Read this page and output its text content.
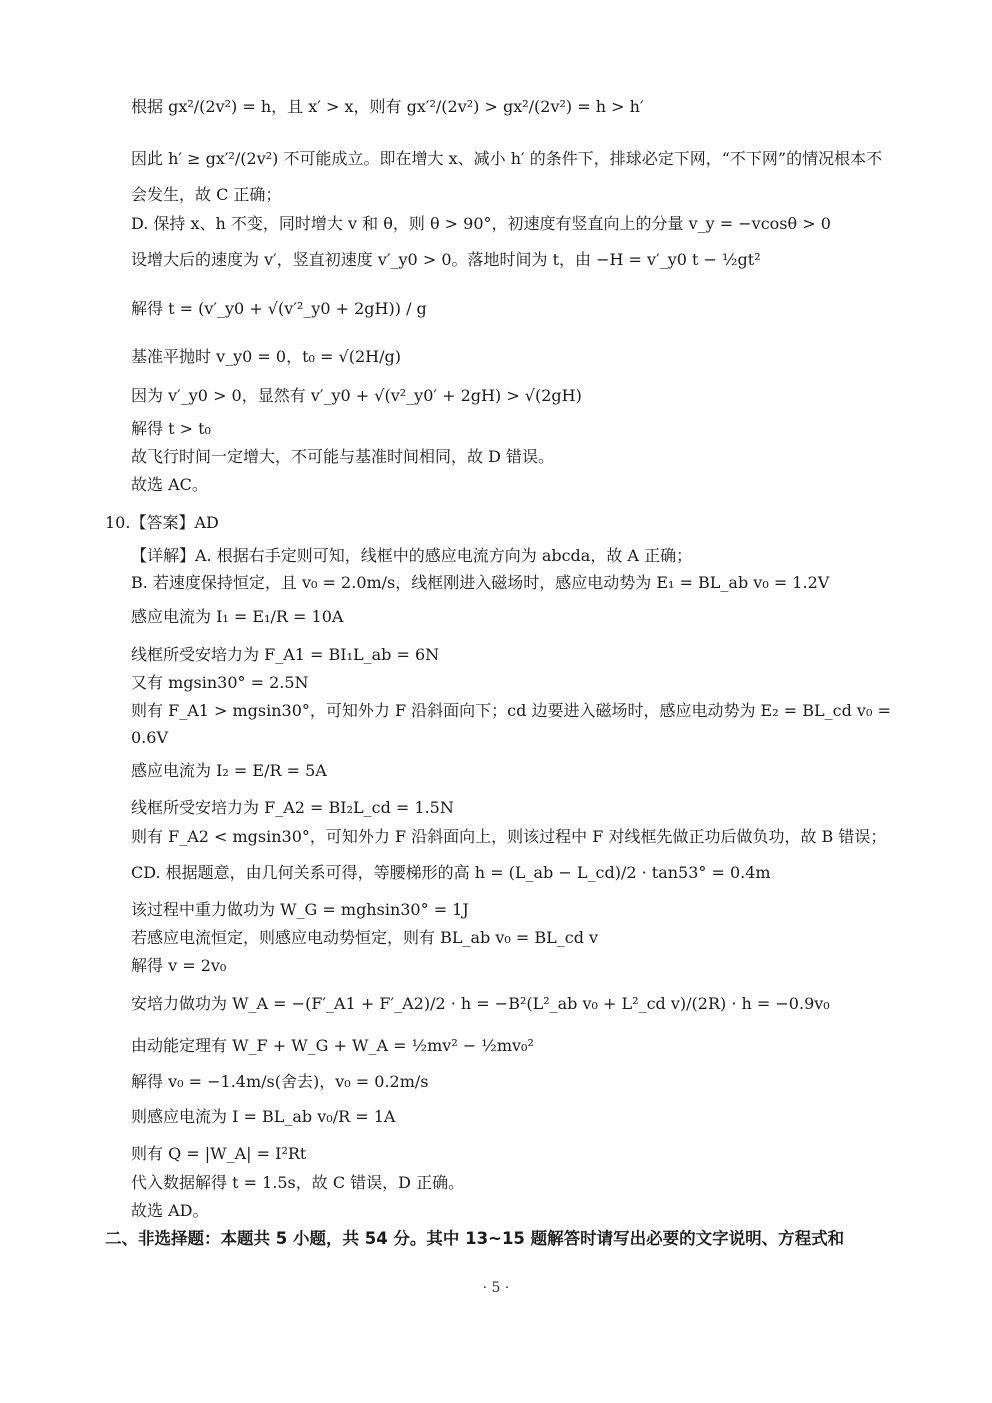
根据 gx²/(2v²) = h，且 x′ > x，则有 gx′²/(2v²) > gx²/(2v²) = h > h′
因此 h′ ≥ gx′²/(2v²) 不可能成立。即在增大 x、减小 h′ 的条件下，排球必定下网，“不下网”的情况根本不
会发生，故 C 正确；
D. 保持 x、h 不变，同时增大 v 和 θ，则 θ > 90°，初速度有竖直向上的分量 v_y = −vcosθ > 0
设增大后的速度为 v′，竖直初速度 v′_y0 > 0。落地时间为 t，由 −H = v′_y0 t − ½gt²
解得 t = (v′_y0 + √(v′²_y0 + 2gH)) / g
基准平抛时 v_y0 = 0，t₀ = √(2H/g)
因为 v′_y0 > 0，显然有 v′_y0 + √(v²_y0′ + 2gH) > √(2gH)
解得 t > t₀
故飞行时间一定增大，不可能与基准时间相同，故 D 错误。
故选 AC。
10.【答案】AD
【详解】A. 根据右手定则可知，线框中的感应电流方向为 abcda，故 A 正确；
B. 若速度保持恒定，且 v₀ = 2.0m/s，线框刚进入磁场时，感应电动势为 E₁ = BL_ab v₀ = 1.2V
感应电流为 I₁ = E₁/R = 10A
线框所受安培力为 F_A1 = BI₁L_ab = 6N
又有 mgsin30° = 2.5N
则有 F_A1 > mgsin30°，可知外力 F 沿斜面向下；cd 边要进入磁场时，感应电动势为 E₂ = BL_cd v₀ =
0.6V
感应电流为 I₂ = E/R = 5A
线框所受安培力为 F_A2 = BI₂L_cd = 1.5N
则有 F_A2 < mgsin30°，可知外力 F 沿斜面向上，则该过程中 F 对线框先做正功后做负功，故 B 错误；
CD. 根据题意，由几何关系可得，等腰梯形的高 h = (L_ab − L_cd)/2 · tan53° = 0.4m
该过程中重力做功为 W_G = mghsin30° = 1J
若感应电流恒定，则感应电动势恒定，则有 BL_ab v₀ = BL_cd v
解得 v = 2v₀
安培力做功为 W_A = −(F′_A1 + F′_A2)/2 · h = −B²(L²_ab v₀ + L²_cd v)/(2R) · h = −0.9v₀
由动能定理有 W_F + W_G + W_A = ½mv² − ½mv₀²
解得 v₀ = −1.4m/s(舍去)，v₀ = 0.2m/s
则感应电流为 I = BL_ab v₀/R = 1A
则有 Q = |W_A| = I²Rt
代入数据解得 t = 1.5s，故 C 错误，D 正确。
故选 AD。
二、非选择题：本题共 5 小题，共 54 分。其中 13~15 题解答时请写出必要的文字说明、方程式和
· 5 ·
